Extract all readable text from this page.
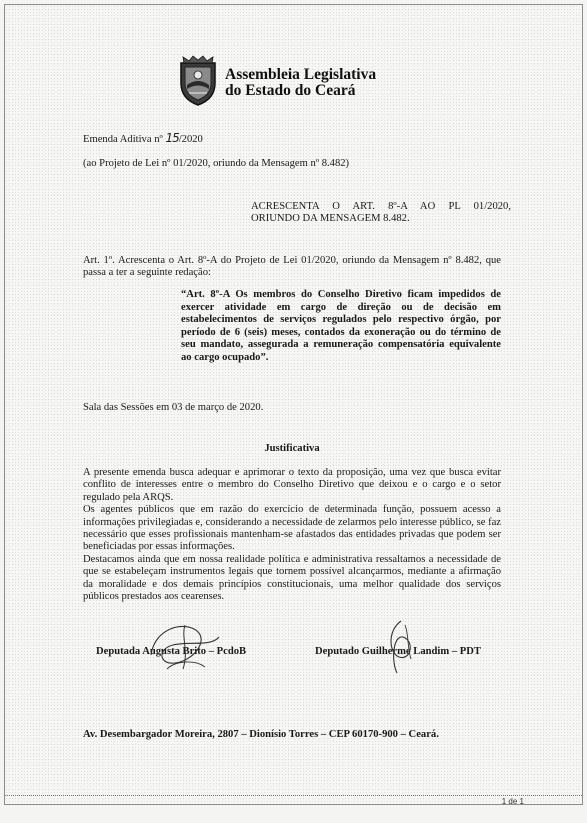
Assembleia Legislativa
do Estado do Ceará
Emenda Aditiva nº 15/2020
(ao Projeto de Lei nº 01/2020, oriundo da Mensagem nº 8.482)
ACRESCENTA O ART. 8º-A AO PL 01/2020,
ORIUNDO DA MENSAGEM 8.482.
Art. 1º. Acrescenta o Art. 8º-A do Projeto de Lei 01/2020, oriundo da Mensagem nº 8.482, que passa a ter a seguinte redação:
“Art. 8º-A Os membros do Conselho Diretivo ficam impedidos de exercer atividade em cargo de direção ou de decisão em estabelecimentos de serviços regulados pelo respectivo órgão, por período de 6 (seis) meses, contados da exoneração ou do término de seu mandato, assegurada a remuneração compensatória equivalente ao cargo ocupado”.
Sala das Sessões em 03 de março de 2020.
Justificativa
A presente emenda busca adequar e aprimorar o texto da proposição, uma vez que busca evitar conflito de interesses entre o membro do Conselho Diretivo que deixou e o cargo e o setor regulado pela ARQS.
Os agentes públicos que em razão do exercício de determinada função, possuem acesso a informações privilegiadas e, considerando a necessidade de zelarmos pelo interesse público, se faz necessário que esses profissionais mantenham-se afastados das entidades privadas que podem ser beneficiadas por essas informações.
Destacamos ainda que em nossa realidade política e administrativa ressaltamos a necessidade de que se estabeleçam instrumentos legais que tornem possível alcançarmos, mediante a afirmação da moralidade e dos demais princípios constitucionais, uma melhor qualidade dos serviços públicos prestados aos cearenses.
Deputada Augusta Brito – PcdoB	Deputado Guilherme Landim – PDT
Av. Desembargador Moreira, 2807 – Dionísio Torres – CEP 60170-900 – Ceará.
1 de 1
